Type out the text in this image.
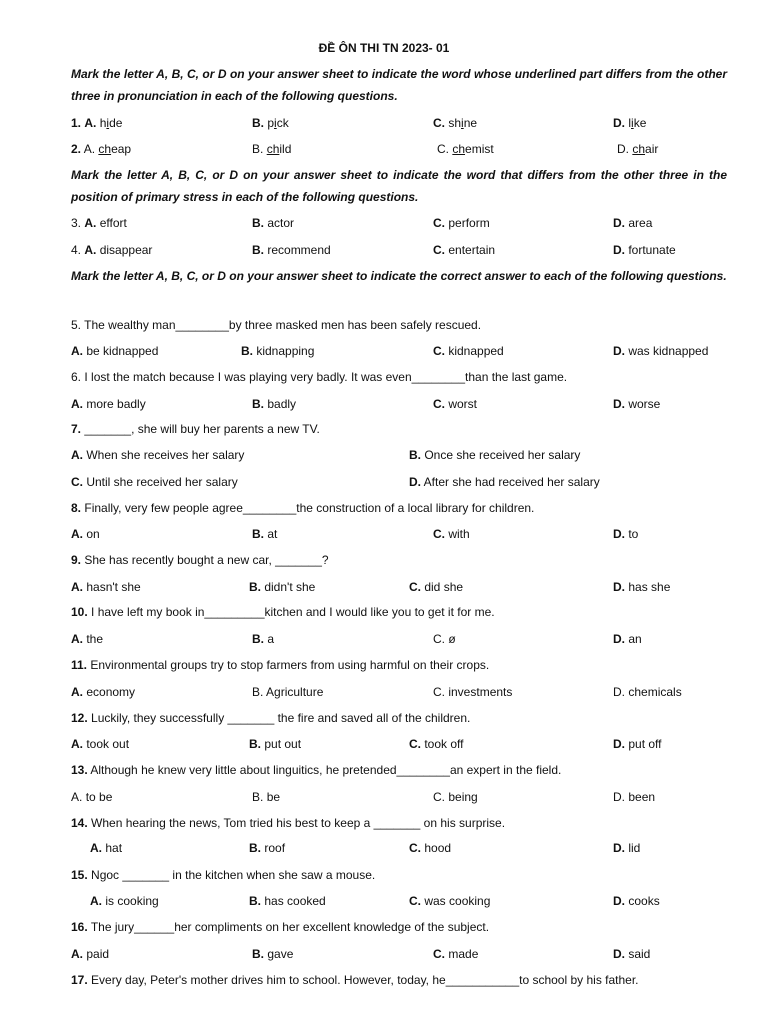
ĐỀ ÔN THI TN 2023- 01
Mark the letter A, B, C, or D on your answer sheet to indicate the word whose underlined part differs from the other three in pronunciation in each of the following questions.
1. A. hide	B. pick	C. shine	D. like
2. A. cheap	B. child	C. chemist	D. chair
Mark the letter A, B, C, or D on your answer sheet to indicate the word that differs from the other three in the position of primary stress in each of the following questions.
3. A. effort	B. actor	C. perform	D. area
4. A. disappear	B. recommend	C. entertain	D. fortunate
Mark the letter A, B, C, or D on your answer sheet to indicate the correct answer to each of the following questions.
5. The wealthy man________by three masked men has been safely rescued.
A. be kidnapped	B. kidnapping	C. kidnapped	D. was kidnapped
6. I lost the match because I was playing very badly. It was even________than the last game.
A. more badly	B. badly	C. worst	D. worse
7. _______, she will buy her parents a new TV.
A. When she receives her salary	B. Once she received her salary
C. Until she received her salary	D. After she had received her salary
8. Finally, very few people agree________the construction of a local library for children.
A. on	B. at	C. with	D. to
9. She has recently bought a new car, _______?
A. hasn't she	B. didn't she	C. did she	D. has she
10. I have left my book in_________kitchen and I would like you to get it for me.
A. the	B. a	C. ø	D. an
11. Environmental groups try to stop farmers from using harmful on their crops.
A. economy	B. Agriculture	C. investments	D. chemicals
12. Luckily, they successfully _______ the fire and saved all of the children.
A. took out	B. put out	C. took off	D. put off
13. Although he knew very little about linguitics, he pretended________an expert in the field.
A. to be	B. be	C. being	D. been
14. When hearing the news, Tom tried his best to keep a _______ on his surprise.
A. hat	B. roof	C. hood	D. lid
15. Ngoc _______ in the kitchen when she saw a mouse.
A. is cooking	B. has cooked	C. was cooking	D. cooks
16. The jury______her compliments on her excellent knowledge of the subject.
A. paid	B. gave	C. made	D. said
17. Every day, Peter's mother drives him to school. However, today, he___________to school by his father.
